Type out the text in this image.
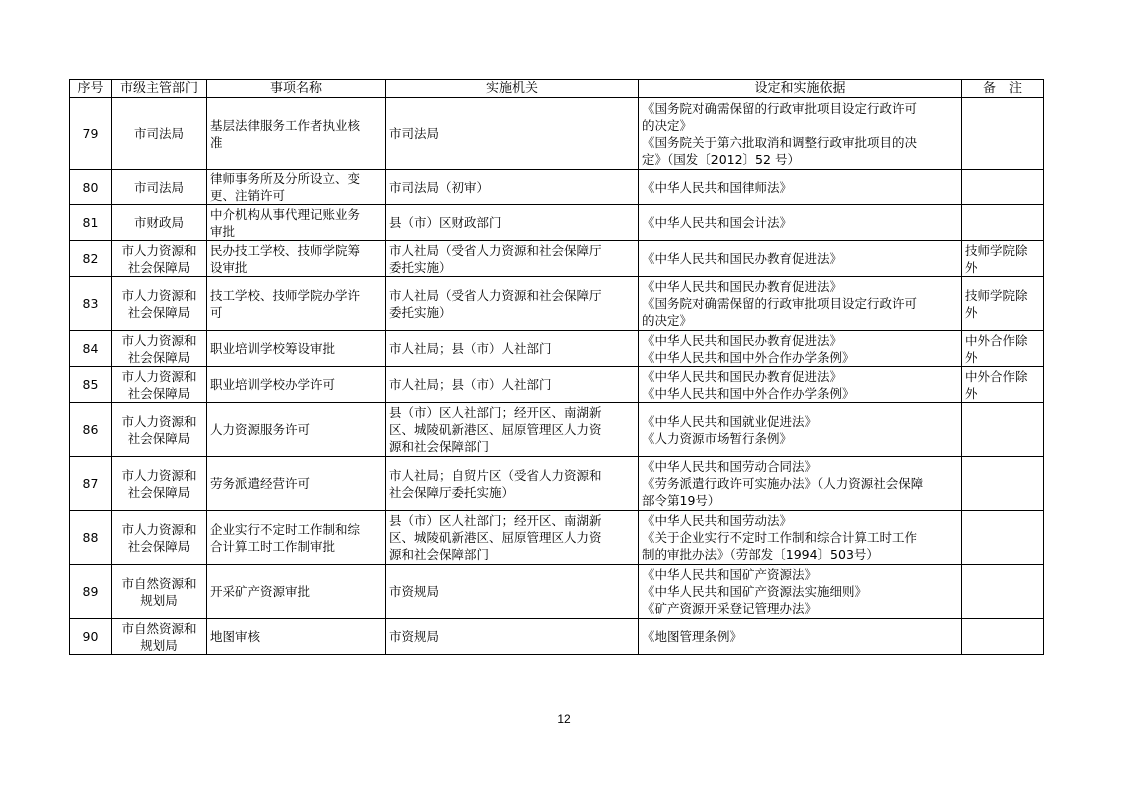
序号	市级主管部门	事项名称	实施机关	设定和实施依据	备　注
79	市司法局	基层法律服务工作者执业核
准	市司法局	《国务院对确需保留的行政审批项目设定行政许可
的决定》
《国务院关于第六批取消和调整行政审批项目的决
定》（国发〔2012〕52 号）	

80	市司法局	律师事务所及分所设立、变
更、注销许可	市司法局（初审）	《中华人民共和国律师法》	

81	市财政局	中介机构从事代理记账业务
审批	县（市）区财政部门	《中华人民共和国会计法》	

82	市人力资源和
社会保障局	民办技工学校、技师学院筹
设审批	市人社局（受省人力资源和社会保障厅
委托实施）	《中华人民共和国民办教育促进法》	技师学院除
外

83	市人力资源和
社会保障局	技工学校、技师学院办学许
可	市人社局（受省人力资源和社会保障厅
委托实施）	《中华人民共和国民办教育促进法》
《国务院对确需保留的行政审批项目设定行政许可
的决定》	技师学院除
外

84	市人力资源和
社会保障局	职业培训学校筹设审批	市人社局；县（市）人社部门	《中华人民共和国民办教育促进法》
《中华人民共和国中外合作办学条例》	中外合作除
外

85	市人力资源和
社会保障局	职业培训学校办学许可	市人社局；县（市）人社部门	《中华人民共和国民办教育促进法》
《中华人民共和国中外合作办学条例》	中外合作除
外

86	市人力资源和
社会保障局	人力资源服务许可	县（市）区人社部门；经开区、南湖新
区、城陵矶新港区、屈原管理区人力资
源和社会保障部门	《中华人民共和国就业促进法》
《人力资源市场暂行条例》	

87	市人力资源和
社会保障局	劳务派遣经营许可	市人社局；自贸片区（受省人力资源和
社会保障厅委托实施）	《中华人民共和国劳动合同法》
《劳务派遣行政许可实施办法》（人力资源社会保障
部令第19号）	

88	市人力资源和
社会保障局	企业实行不定时工作制和综
合计算工时工作制审批	县（市）区人社部门；经开区、南湖新
区、城陵矶新港区、屈原管理区人力资
源和社会保障部门	《中华人民共和国劳动法》
《关于企业实行不定时工作制和综合计算工时工作
制的审批办法》（劳部发〔1994〕503号）	

89	市自然资源和
规划局	开采矿产资源审批	市资规局	《中华人民共和国矿产资源法》
《中华人民共和国矿产资源法实施细则》
《矿产资源开采登记管理办法》	

90	市自然资源和
规划局	地图审核	市资规局	《地图管理条例》	

12
